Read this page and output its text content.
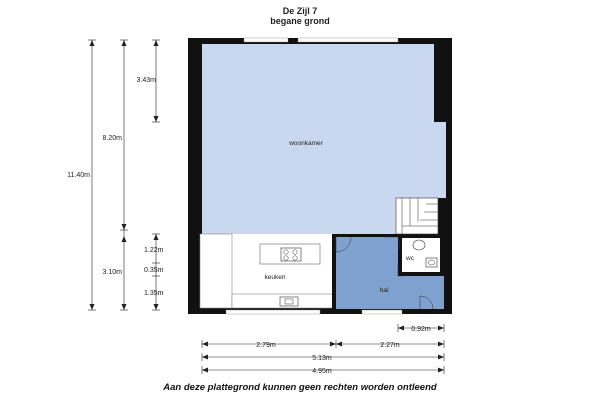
De Zijl 7
begane grond
woonkamer
keuken
hal
wc
11.40m
8.20m
3.43m
3.10m
1.22m
0.35m
1.35m
2.79m	2.27m
0.92m
5.13m
4.95m
Aan deze plattegrond kunnen geen rechten worden ontleend
